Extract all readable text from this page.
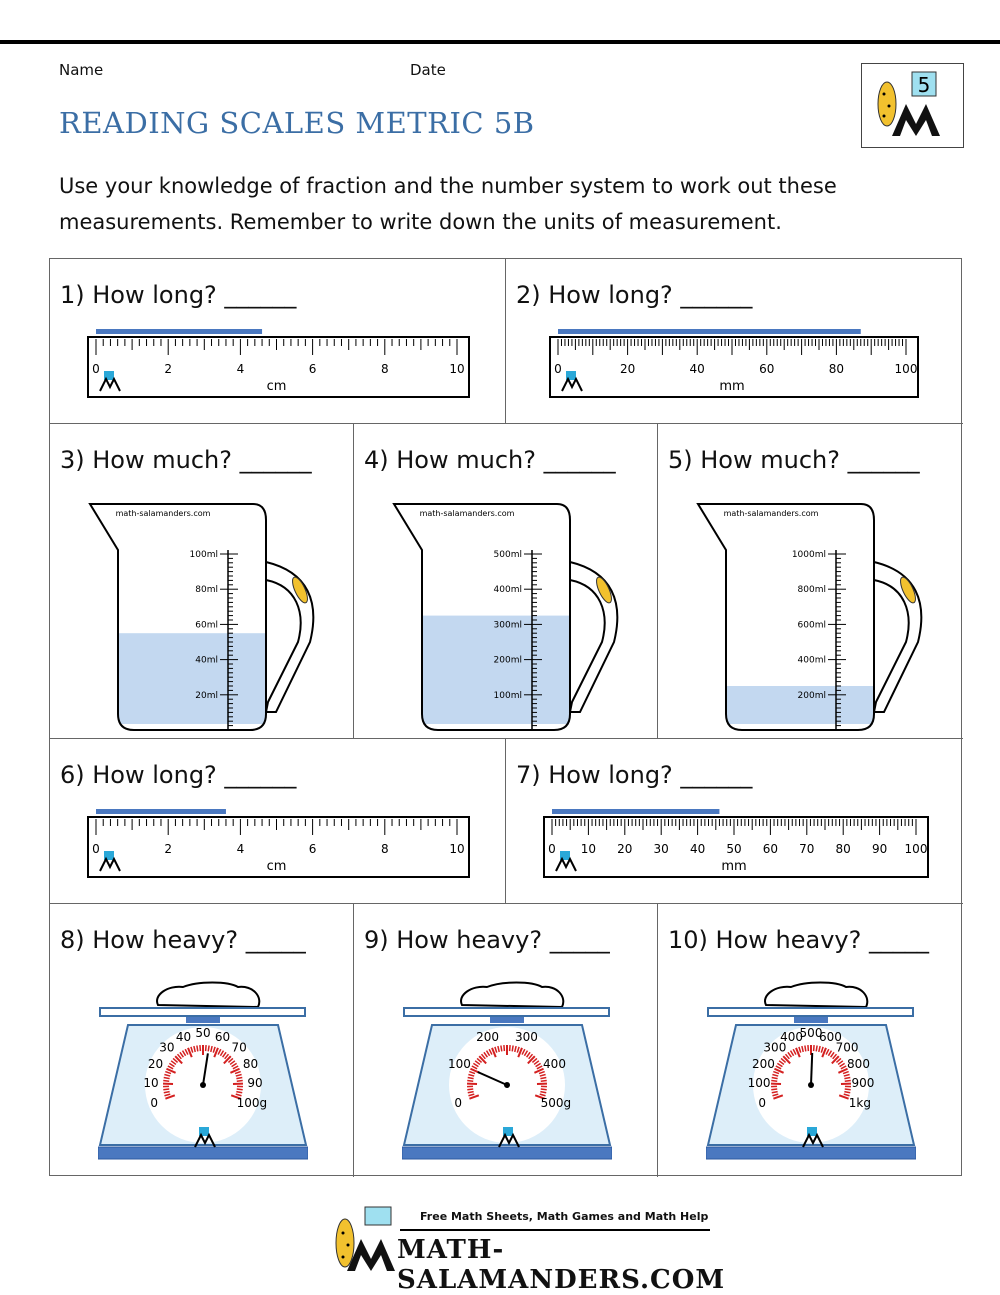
Name	Date
5
READING SCALES METRIC 5B
Use your knowledge of fraction and the number system to work out these
measurements. Remember to write down the units of measurement.
1) How long? ______
0	2	4	6	8	10
cm
2) How long? ______
0	20	40	60	80	100
mm
3) How much? ______
math-salamanders.com
100ml
80ml
60ml
40ml
20ml
4) How much? ______
math-salamanders.com
500ml
400ml
300ml
200ml
100ml
5) How much? ______
math-salamanders.com
1000ml
800ml
600ml
400ml
200ml
6) How long? ______
0	2	4	6	8	10
cm
7) How long? ______
0 10 20 30 40 50 60 70 80 90 100
mm
8) How heavy? _____
0
10
20
30
40 50 60
70
80
90
100g
9) How heavy? _____
0
100
200 300
400
500g
10) How heavy? _____
0
100
200
300
400
500
600
700
800
900
1kg
Free Math Sheets, Math Games and Math Help
MATH-SALAMANDERS.COM
